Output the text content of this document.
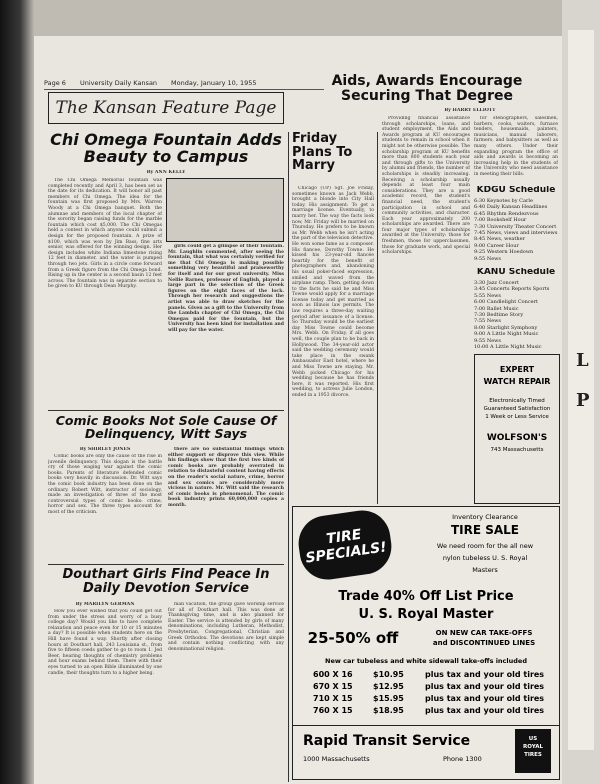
L
P
Page 6 University Daily Kansan Monday, January 10, 1955
The Kansan Feature Page
Chi Omega Fountain Adds Beauty to Campus
By ANN KELLY

The Chi Omega Memorial fountain was completed recently and April 3, has been set as the date for its dedication. It will honor all past members of Chi Omega. The idea for the fountain was first proposed by Mrs. Warren Woody at a Chi Omega banquet. Both the alumnae and members of the local chapter of the sorority began raising funds for the marble fountain which cost $5,000. The Chi Omegas held a contest in which anyone could submit a design for the proposed fountain. A prize of $100, which was won by Jim Bass, fine arts senior, was offered for the winning design. Her design includes white Indiana limestone rising 12 feet in diameter, and the water is pumped through two jets. Girls in a circle come forward from a Greek figure from the Chi Omega bond. Rising up in the center is a second basin 12 feet across. The fountain was in separate section to be given to KU through Dean Murphy.

girls could get a glimpse of their fountain. Mr. Laughlin commented, after seeing the fountain, that what was certainly verified for me that Chi Omega is making possible something very beautiful and praiseworthy for itself and for our great university. Miss Nellie Barnes, professor of English, played a large part in the selection of the Greek figures on the eight faces of the lock. Through her research and suggestions the artist was able to draw sketches for the panels. Given as a gift to the University from the Lambda chapter of Chi Omega, the Chi Omegas paid for the fountain, but the University has been kind for installation and will pay for the water.

Comic Books Not Sole Cause Of Delinquency, Witt Says
By SHIRLEY JONES

Comic books are only the cause of the rise in juvenile delinquency. This slogan is the battle cry of those waging war against the comic books. Parents of literature defended comic books very heavily in discussion. Dr. Witt says the comic book industry has been done on the ordinary. Robert Witt, instructor of sociology, made an investigation of three of the most controversial types of comic books: crime, horror and sex. The three types account for most of the criticism.

there are no substantial findings which either support or disprove this view. While his findings show that the first two kinds of comic books are probably overrated in relation to distasteful content having effects on the reader's social nature, crime, horror and sex comics are considerably more vicious in nature. Mr. Witt said the research of comic books is phenomenal. The comic book industry prints 60,000,000 copies a month.

Douthart Girls Find Peace In Daily Devotion Service
By MARILYN GERMAN

How you ever wished that you could get out from under the stress and worry of a busy college day? Would you like to have complete relaxation and peace even for 10 or 15 minutes a day? It is possible when students here on the Hill have found a way. Shortly after closing hours at Douthart hall, 243 Louisiana st., from five to fifteen coeds gather to go to room 1. Jed Beer, hearing thoughts of chemistry problems and hour exams behind them. There with their eyes turned to an open Bible illuminated by one candle, their thoughts turn to a higher being.

man vacation, the group gave worship service for all of Douthart hall. This was done at Thanksgiving time, and is also planned for Easter. The service is attended by girls of many denominations, including Lutheran, Methodist, Presbyterian, Congregational, Christian and Greek Orthodox. The devotions are kept simple and contain nothing conflicting with any denominational religion.

Friday Plans To Marry

Chicago (UP) Sgt. Joe Friday, sometimes known as Jack Webb, brought a blonde into City Hall today. His assignment: To get a marriage license. Eventually, to marry her. The way the facts look now, Mr. Friday will be married on Thursday. He prefers to be known as Mr. Webb when he isn't acting the part of the television detective. He won some fame as a composer. His fiancee, Dorothy Towne. He kissed his 23-year-old fiancée heartily for the benefit of photographers and, abandoning his usual poker-faced expression, smiled and waved from the airplane ramp. Then, getting down to the facts he said he and Miss Towne would apply for a marriage license today and get married as soon as Illinois law permits. The law requires a three-day waiting period after issuance of a license. So Thursday would be the earliest day Miss Towne could become Mrs. Webb. On Friday, if all goes well, the couple plan to be back in Hollywood. The 34-year-old actor said the wedding ceremony would take place in the swank Ambassador East hotel, where he and Miss Towne are staying. Mr. Webb picked Chicago for his wedding because he has friends here, it was reported. His first wedding, to actress Julie London, ended in a 1953 divorce.

Aids, Awards Encourage Securing That Degree
By HARRY ELLIOTT

Providing financial assistance through scholarships, loans, and student employment, the Aids and Awards program at KU encourages students to remain in school when it might not be otherwise possible. The scholarship program at KU benefits more than 800 students each year and through gifts to the University by alumni and friends, the number of scholarships is steadily increasing. Receiving a scholarship usually depends at least four main considerations. They are a good academic record, the student's financial need, the student's participation in school and community activities, and character. Each year approximately 200 scholarships are awarded. There are four major types of scholarships awarded at the University: those for freshmen, those for upperclassmen, those for graduate work, and special scholarships.

for stenographers, salesmen, barbers, cooks, waiters, furnace tenders, housemaids, painters, musicians, manual laborers, farmers, and babysitters as well as many others. Under their expanding program the office of aids and awards is becoming an increasing help in the students of the University who need assistance in meeting their bills.

KDGU Schedule
6:30 Keynotes by Carle
6:40 Daily Kansan Headlines
6:45 Rhythm Rendezvous
7:00 Bookshelf Hour
7:30 University Theater Concert
7:45 News, views and interviews
8:45 News, weather
9:00 Career Hour
9:25 Western Hoedown
9:55 News
KANU Schedule
3:30 Jazz Concert
3:45 Concerts Reports Sports
5:55 News
6:00 Candlelight Concert
7:00 Ballet Music
7:30 Bedtime Story
7:55 News
8:00 Starlight Symphony
9:00 A Little Night Music
9:55 News
10:00 A Little Night Music
EXPERT
WATCH REPAIR
Electronically Timed
Guaranteed Satisfaction
1 Week or Less Service
WOLFSON'S
743 Massachusetts
TIRE SPECIALS!
Inventory Clearance
TIRE SALE
We need room for the all new
nylon tubeless U. S. Royal
Masters
Trade 40% Off List Price
U. S. Royal Master
25-50% off	ON NEW CAR TAKE-OFFS
and DISCONTINUED LINES
New car tubeless and white sidewall take-offs included
600 X 16	$10.95	plus tax and your old tires
670 X 15	$12.95	plus tax and your old tires
710 X 15	$15.95	plus tax and your old tires
760 X 15	$18.95	plus tax and your old tires
Rapid Transit Service
1000 Massachusetts	Phone 1300
US
ROYAL
TIRES
